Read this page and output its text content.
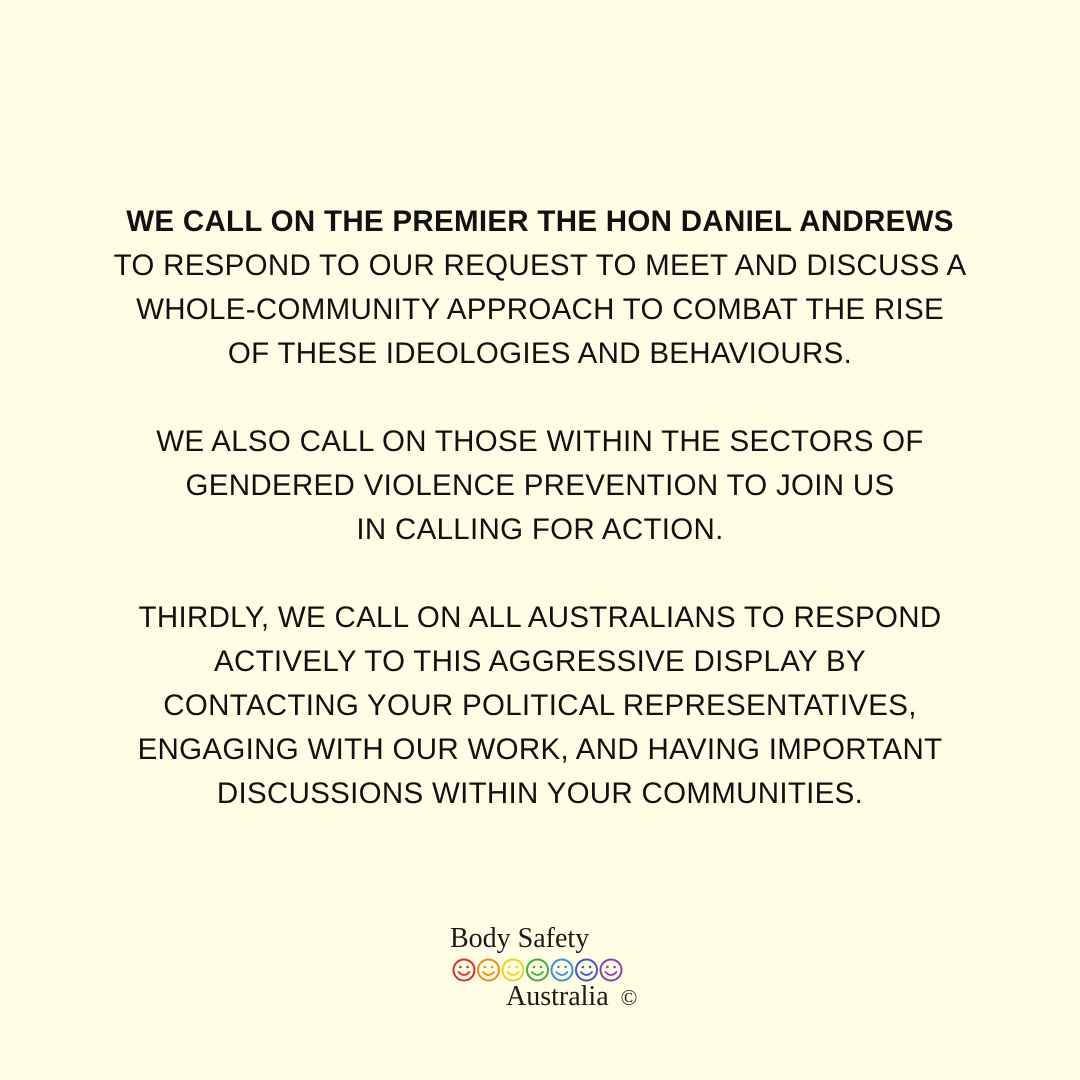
WE CALL ON THE PREMIER THE HON DANIEL ANDREWS
TO RESPOND TO OUR REQUEST TO MEET AND DISCUSS A
WHOLE-COMMUNITY APPROACH TO COMBAT THE RISE
OF THESE IDEOLOGIES AND BEHAVIOURS.
WE ALSO CALL ON THOSE WITHIN THE SECTORS OF
GENDERED VIOLENCE PREVENTION TO JOIN US
IN CALLING FOR ACTION.
THIRDLY, WE CALL ON ALL AUSTRALIANS TO RESPOND
ACTIVELY TO THIS AGGRESSIVE DISPLAY BY
CONTACTING YOUR POLITICAL REPRESENTATIVES,
ENGAGING WITH OUR WORK, AND HAVING IMPORTANT
DISCUSSIONS WITHIN YOUR COMMUNITIES.
Body Safety
Australia ©
